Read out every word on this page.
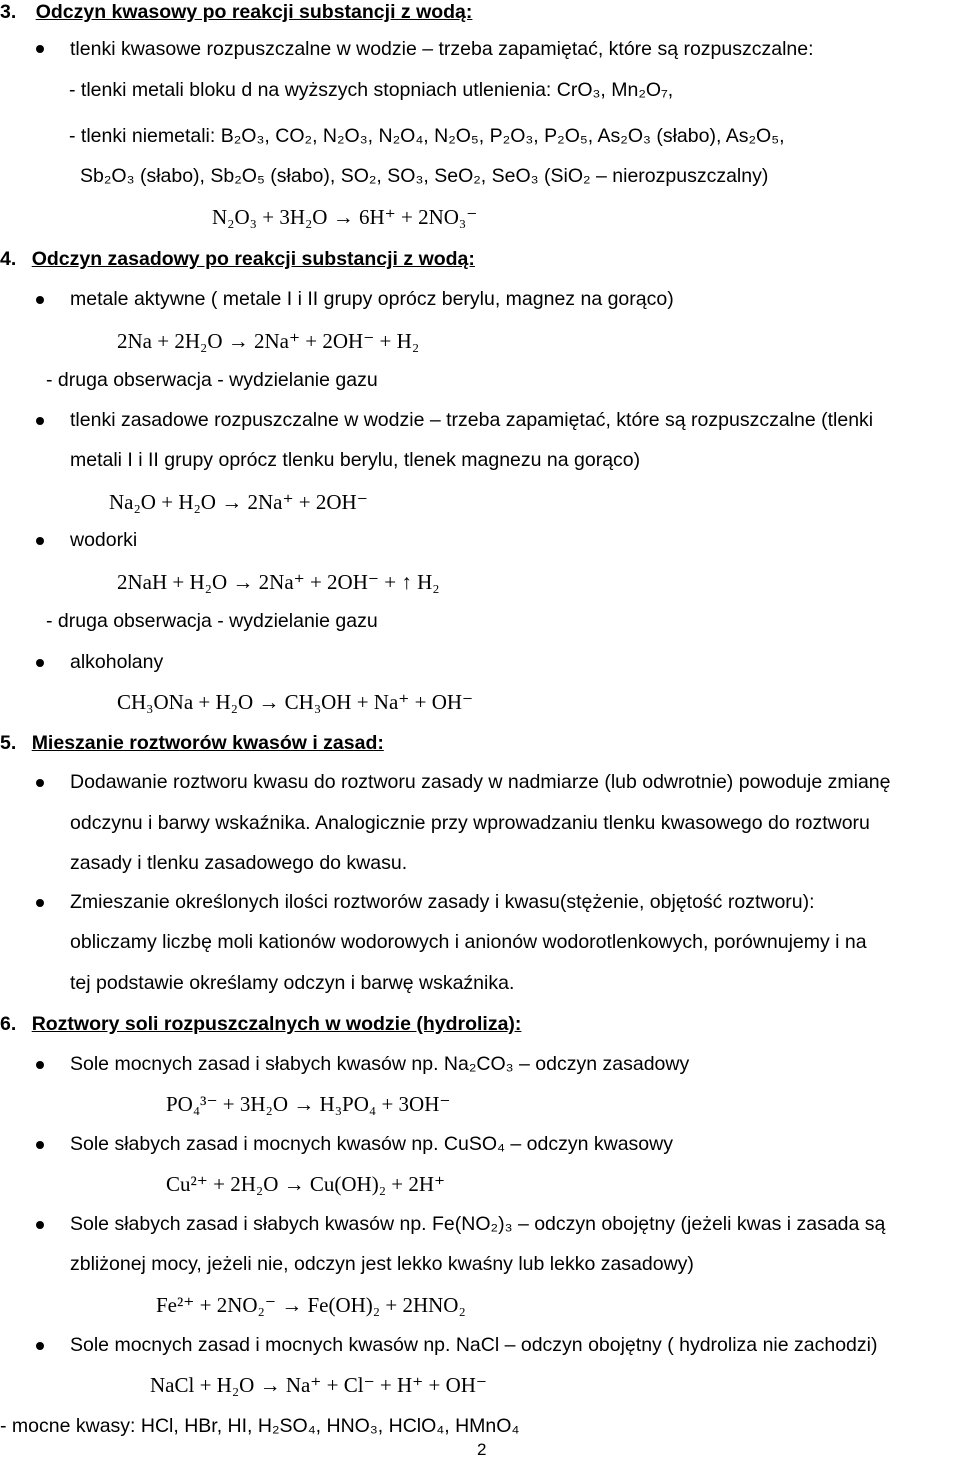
3. Odczyn kwasowy po reakcji substancji z wodą:
tlenki kwasowe rozpuszczalne w wodzie – trzeba zapamiętać, które są rozpuszczalne:
- tlenki metali bloku d na wyższych stopniach utlenienia: CrO₃, Mn₂O₇,
- tlenki niemetali: B₂O₃, CO₂, N₂O₃, N₂O₄, N₂O₅, P₂O₃, P₂O₅, As₂O₃ (słabo), As₂O₅,
Sb₂O₃ (słabo), Sb₂O₅ (słabo), SO₂, SO₃, SeO₂, SeO₃ (SiO₂ – nierozpuszczalny)
N₂O₃ + 3H₂O → 6H⁺ + 2NO₃⁻
4. Odczyn zasadowy po reakcji substancji z wodą:
metale aktywne ( metale I i II grupy oprócz berylu, magnez na gorąco)
2Na + 2H₂O → 2Na⁺ + 2OH⁻ + H₂
- druga obserwacja - wydzielanie gazu
tlenki zasadowe rozpuszczalne w wodzie – trzeba zapamiętać, które są rozpuszczalne (tlenki
metali I i II grupy oprócz tlenku berylu, tlenek magnezu na gorąco)
Na₂O + H₂O → 2Na⁺ + 2OH⁻
wodorki
2NaH + H₂O → 2Na⁺ + 2OH⁻ + ↑ H₂
- druga obserwacja - wydzielanie gazu
alkoholany
CH₃ONa + H₂O → CH₃OH + Na⁺ + OH⁻
5. Mieszanie roztworów kwasów i zasad:
Dodawanie roztworu kwasu do roztworu zasady w nadmiarze (lub odwrotnie) powoduje zmianę
odczynu i barwy wskaźnika. Analogicznie przy wprowadzaniu tlenku kwasowego do roztworu
zasady i tlenku zasadowego do kwasu.
Zmieszanie określonych ilości roztworów zasady i kwasu(stężenie, objętość roztworu):
obliczamy liczbę moli kationów wodorowych i anionów wodorotlenkowych, porównujemy i na
tej podstawie określamy odczyn i barwę wskaźnika.
6. Roztwory soli rozpuszczalnych w wodzie (hydroliza):
Sole mocnych zasad i słabych kwasów np. Na₂CO₃ – odczyn zasadowy
PO₄³⁻ + 3H₂O → H₃PO₄ + 3OH⁻
Sole słabych zasad i mocnych kwasów np. CuSO₄ – odczyn kwasowy
Cu²⁺ + 2H₂O → Cu(OH)₂ + 2H⁺
Sole słabych zasad i słabych kwasów np. Fe(NO₂)₃ – odczyn obojętny (jeżeli kwas i zasada są
zbliżonej mocy, jeżeli nie, odczyn jest lekko kwaśny lub lekko zasadowy)
Fe²⁺ + 2NO₂⁻ → Fe(OH)₂ + 2HNO₂
Sole mocnych zasad i mocnych kwasów np. NaCl – odczyn obojętny ( hydroliza nie zachodzi)
NaCl + H₂O → Na⁺ + Cl⁻ + H⁺ + OH⁻
- mocne kwasy: HCl, HBr, HI, H₂SO₄, HNO₃, HClO₄, HMnO₄
2
